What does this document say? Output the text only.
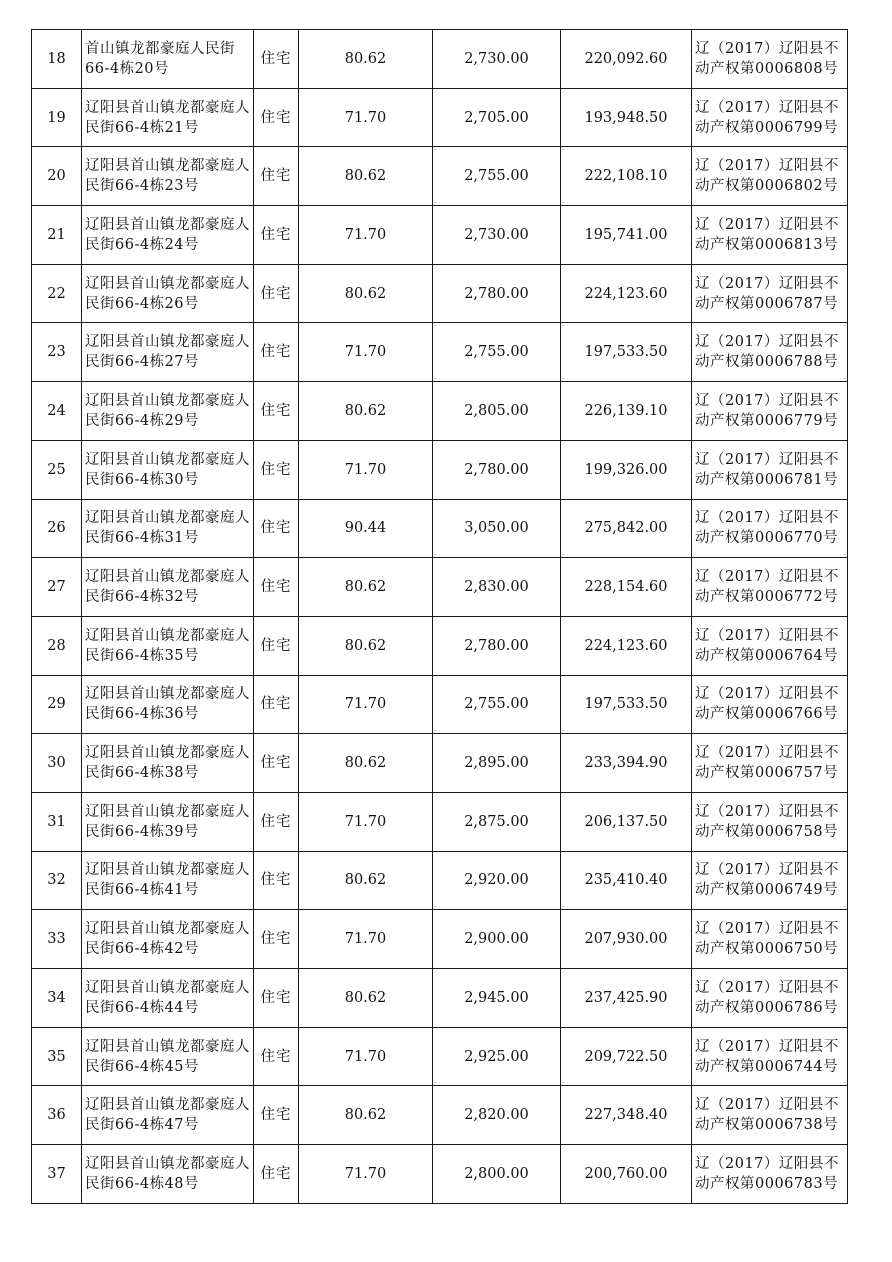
18	首山镇龙都豪庭人民街66-4栋20号	住宅	80.62	2,730.00	220,092.60	辽（2017）辽阳县不动产权第0006808号
19	辽阳县首山镇龙都豪庭人民街66-4栋21号	住宅	71.70	2,705.00	193,948.50	辽（2017）辽阳县不动产权第0006799号
20	辽阳县首山镇龙都豪庭人民街66-4栋23号	住宅	80.62	2,755.00	222,108.10	辽（2017）辽阳县不动产权第0006802号
21	辽阳县首山镇龙都豪庭人民街66-4栋24号	住宅	71.70	2,730.00	195,741.00	辽（2017）辽阳县不动产权第0006813号
22	辽阳县首山镇龙都豪庭人民街66-4栋26号	住宅	80.62	2,780.00	224,123.60	辽（2017）辽阳县不动产权第0006787号
23	辽阳县首山镇龙都豪庭人民街66-4栋27号	住宅	71.70	2,755.00	197,533.50	辽（2017）辽阳县不动产权第0006788号
24	辽阳县首山镇龙都豪庭人民街66-4栋29号	住宅	80.62	2,805.00	226,139.10	辽（2017）辽阳县不动产权第0006779号
25	辽阳县首山镇龙都豪庭人民街66-4栋30号	住宅	71.70	2,780.00	199,326.00	辽（2017）辽阳县不动产权第0006781号
26	辽阳县首山镇龙都豪庭人民街66-4栋31号	住宅	90.44	3,050.00	275,842.00	辽（2017）辽阳县不动产权第0006770号
27	辽阳县首山镇龙都豪庭人民街66-4栋32号	住宅	80.62	2,830.00	228,154.60	辽（2017）辽阳县不动产权第0006772号
28	辽阳县首山镇龙都豪庭人民街66-4栋35号	住宅	80.62	2,780.00	224,123.60	辽（2017）辽阳县不动产权第0006764号
29	辽阳县首山镇龙都豪庭人民街66-4栋36号	住宅	71.70	2,755.00	197,533.50	辽（2017）辽阳县不动产权第0006766号
30	辽阳县首山镇龙都豪庭人民街66-4栋38号	住宅	80.62	2,895.00	233,394.90	辽（2017）辽阳县不动产权第0006757号
31	辽阳县首山镇龙都豪庭人民街66-4栋39号	住宅	71.70	2,875.00	206,137.50	辽（2017）辽阳县不动产权第0006758号
32	辽阳县首山镇龙都豪庭人民街66-4栋41号	住宅	80.62	2,920.00	235,410.40	辽（2017）辽阳县不动产权第0006749号
33	辽阳县首山镇龙都豪庭人民街66-4栋42号	住宅	71.70	2,900.00	207,930.00	辽（2017）辽阳县不动产权第0006750号
34	辽阳县首山镇龙都豪庭人民街66-4栋44号	住宅	80.62	2,945.00	237,425.90	辽（2017）辽阳县不动产权第0006786号
35	辽阳县首山镇龙都豪庭人民街66-4栋45号	住宅	71.70	2,925.00	209,722.50	辽（2017）辽阳县不动产权第0006744号
36	辽阳县首山镇龙都豪庭人民街66-4栋47号	住宅	80.62	2,820.00	227,348.40	辽（2017）辽阳县不动产权第0006738号
37	辽阳县首山镇龙都豪庭人民街66-4栋48号	住宅	71.70	2,800.00	200,760.00	辽（2017）辽阳县不动产权第0006783号
